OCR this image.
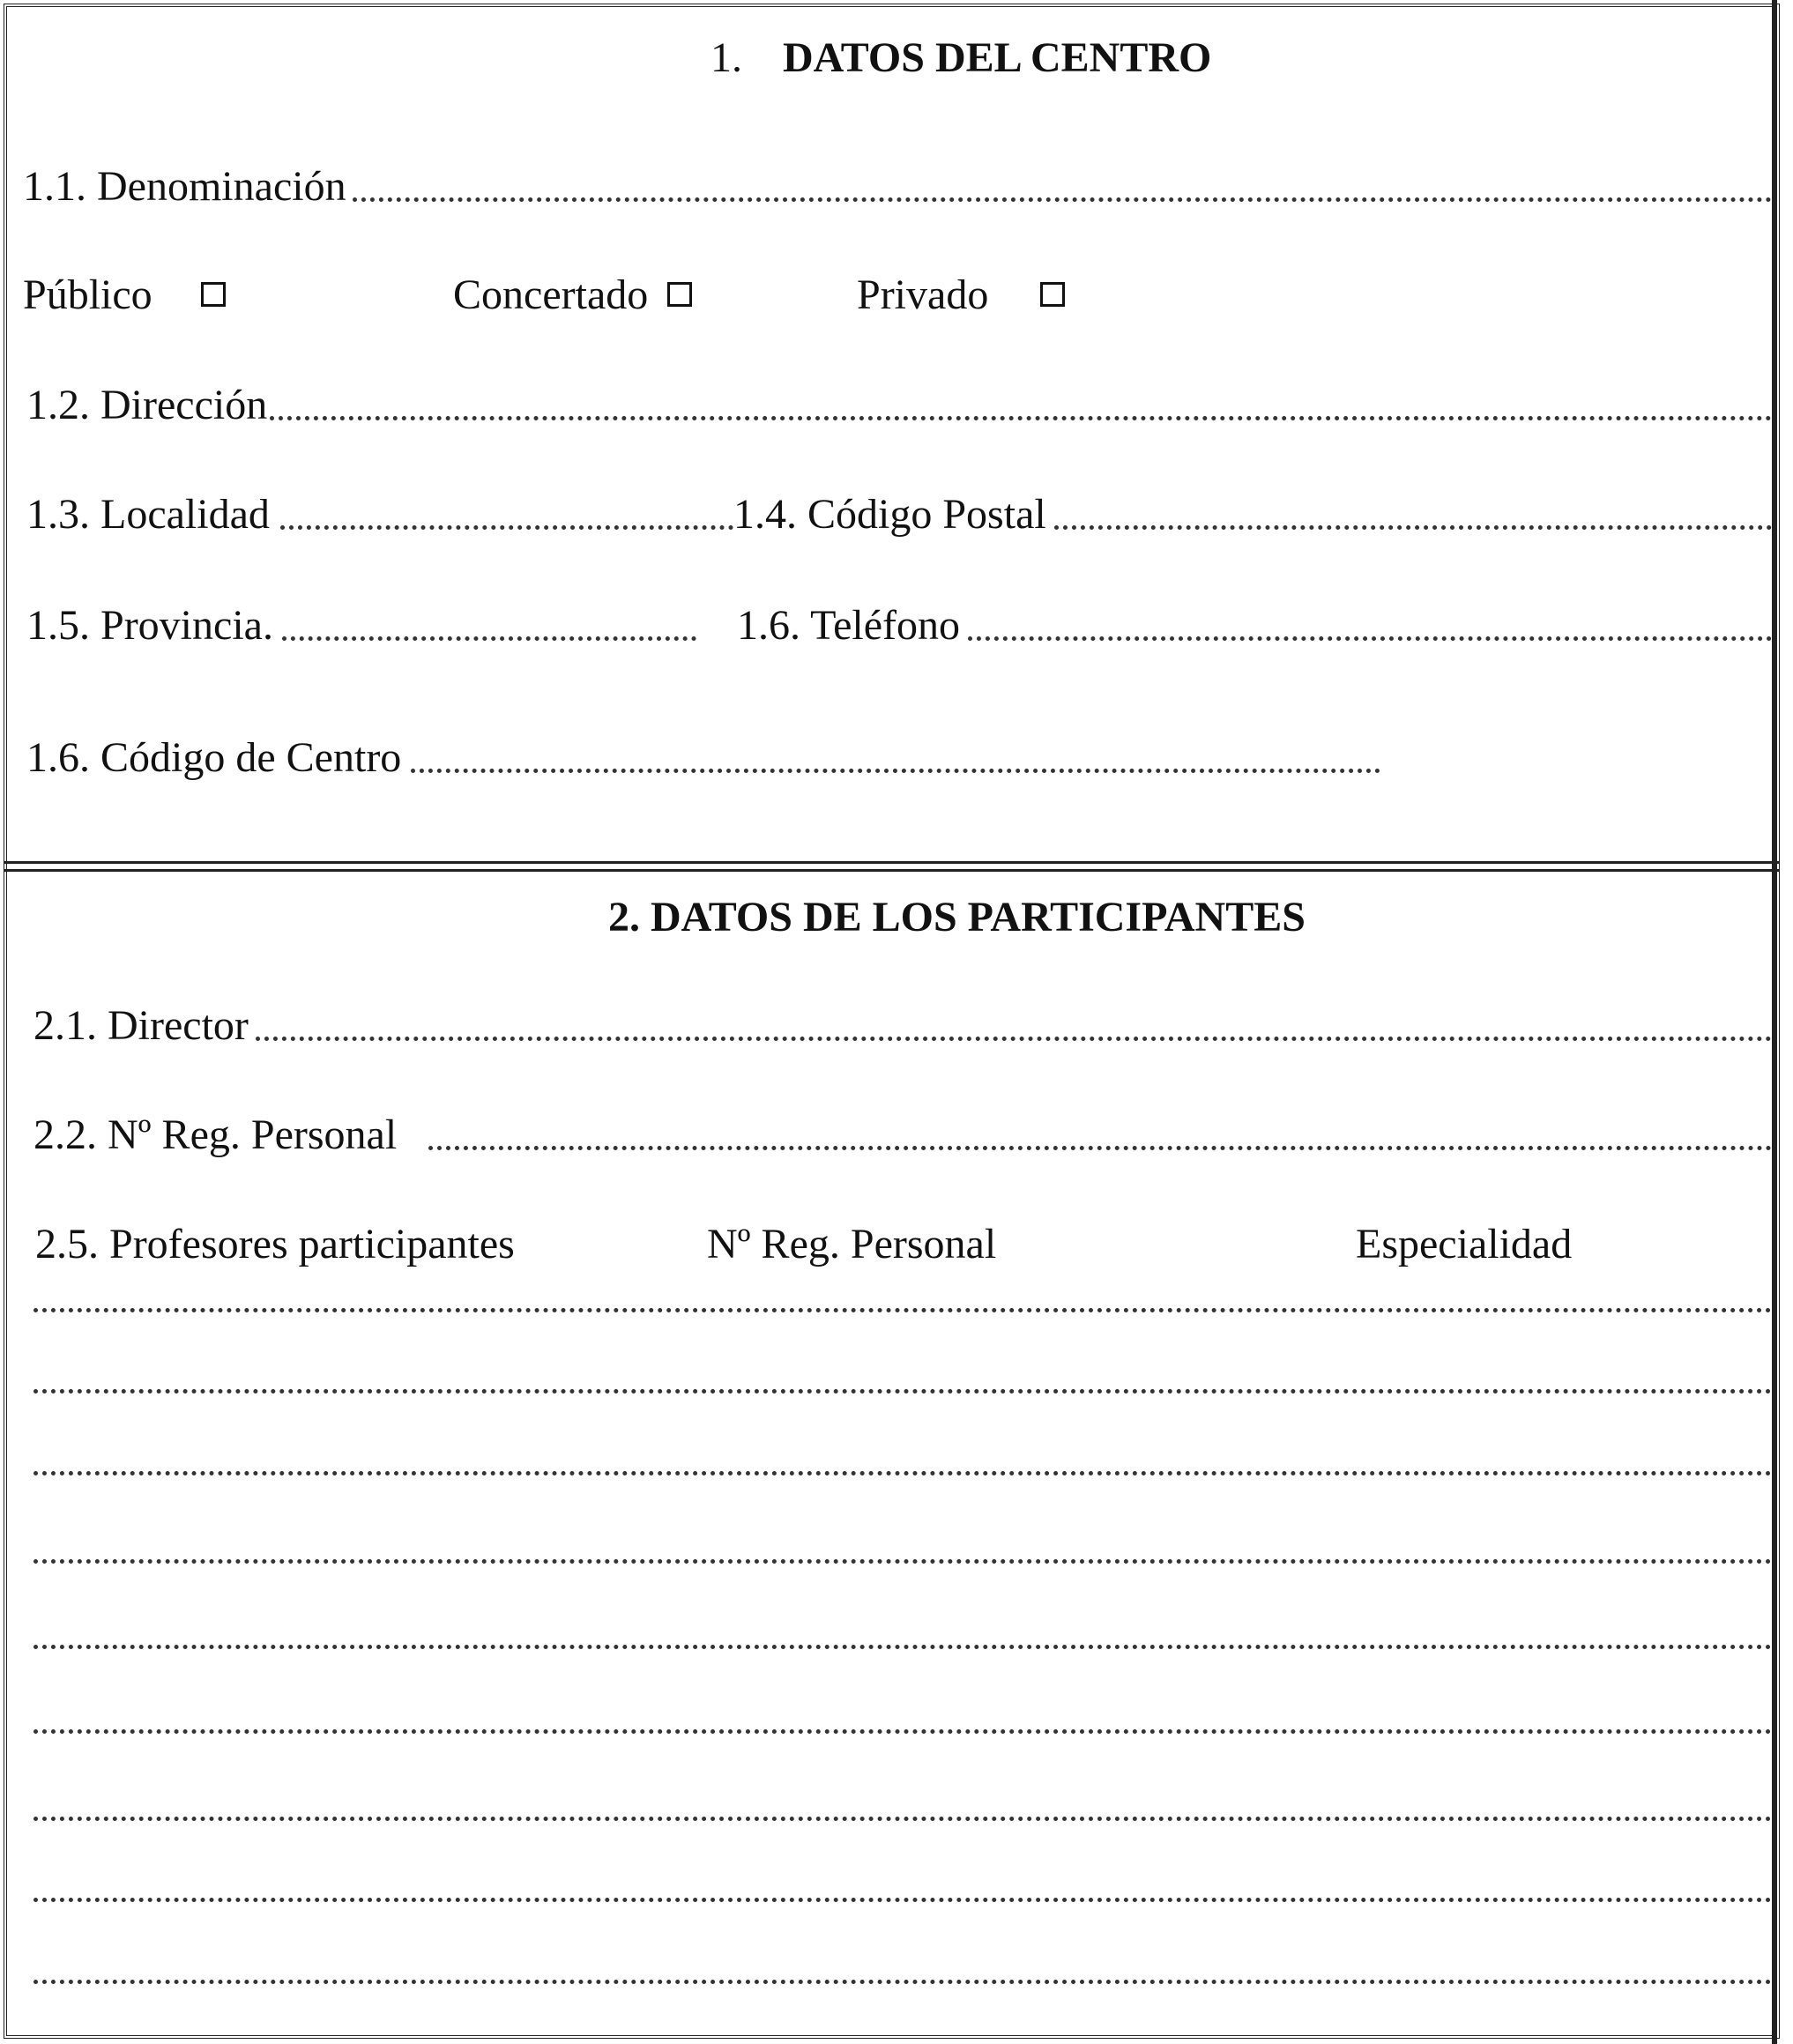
1. DATOS DEL CENTRO
1.1. Denominación
Público	Concertado	Privado
1.2. Dirección
1.3. Localidad	1.4. Código Postal
1.5. Provincia.	1.6. Teléfono
1.6. Código de Centro
2. DATOS DE LOS PARTICIPANTES
2.1. Director
2.2. Nº Reg. Personal
2.5. Profesores participantes	Nº Reg. Personal	Especialidad
